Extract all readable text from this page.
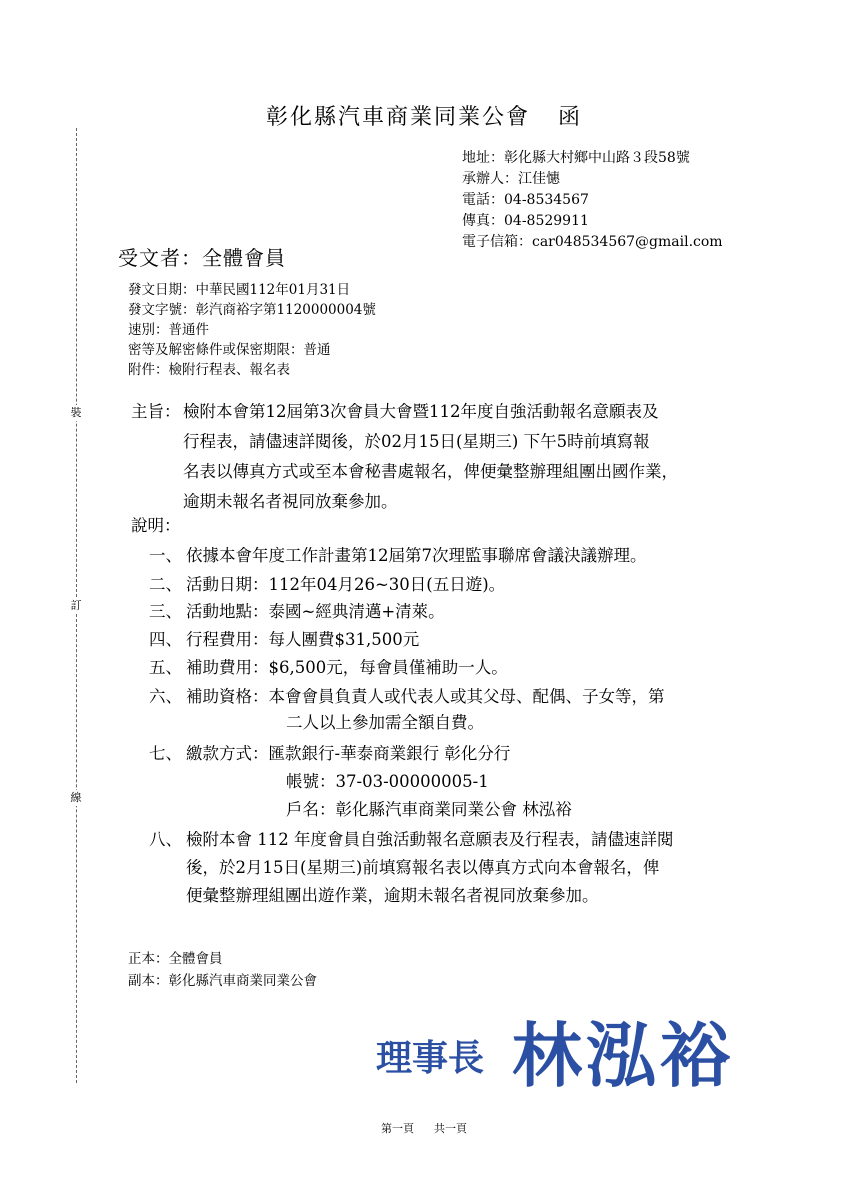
裝
訂
線
彰化縣汽車商業同業公會 函
地址：彰化縣大村鄉中山路３段58號
承辦人：江佳憓
電話：04-8534567
傳真：04-8529911
電子信箱：car048534567@gmail.com
受文者：全體會員
發文日期：中華民國112年01月31日
發文字號：彰汽商裕字第1120000004號
速別：普通件
密等及解密條件或保密期限：普通
附件：檢附行程表、報名表
主旨： 檢附本會第12屆第3次會員大會暨112年度自強活動報名意願表及
行程表，請儘速詳閱後，於02月15日(星期三) 下午5時前填寫報
名表以傳真方式或至本會秘書處報名，俾便彙整辦理組團出國作業，
逾期未報名者視同放棄參加。
說明：
一、 依據本會年度工作計畫第12屆第7次理監事聯席會議決議辦理。
二、 活動日期：112年04月26~30日(五日遊)。
三、 活動地點：泰國~經典清邁+清萊。
四、 行程費用：每人團費$31,500元
五、 補助費用：$6,500元，每會員僅補助一人。
六、 補助資格：本會會員負責人或代表人或其父母、配偶、子女等，第
二人以上參加需全額自費。
七、 繳款方式：匯款銀行-華泰商業銀行 彰化分行
帳號：37-03-00000005-1
戶名：彰化縣汽車商業同業公會 林泓裕
八、 檢附本會 112 年度會員自強活動報名意願表及行程表，請儘速詳閱
後，於2月15日(星期三)前填寫報名表以傳真方式向本會報名，俾
便彙整辦理組團出遊作業，逾期未報名者視同放棄參加。
正本：全體會員
副本：彰化縣汽車商業同業公會
理事長 林泓裕
第一頁 共一頁
